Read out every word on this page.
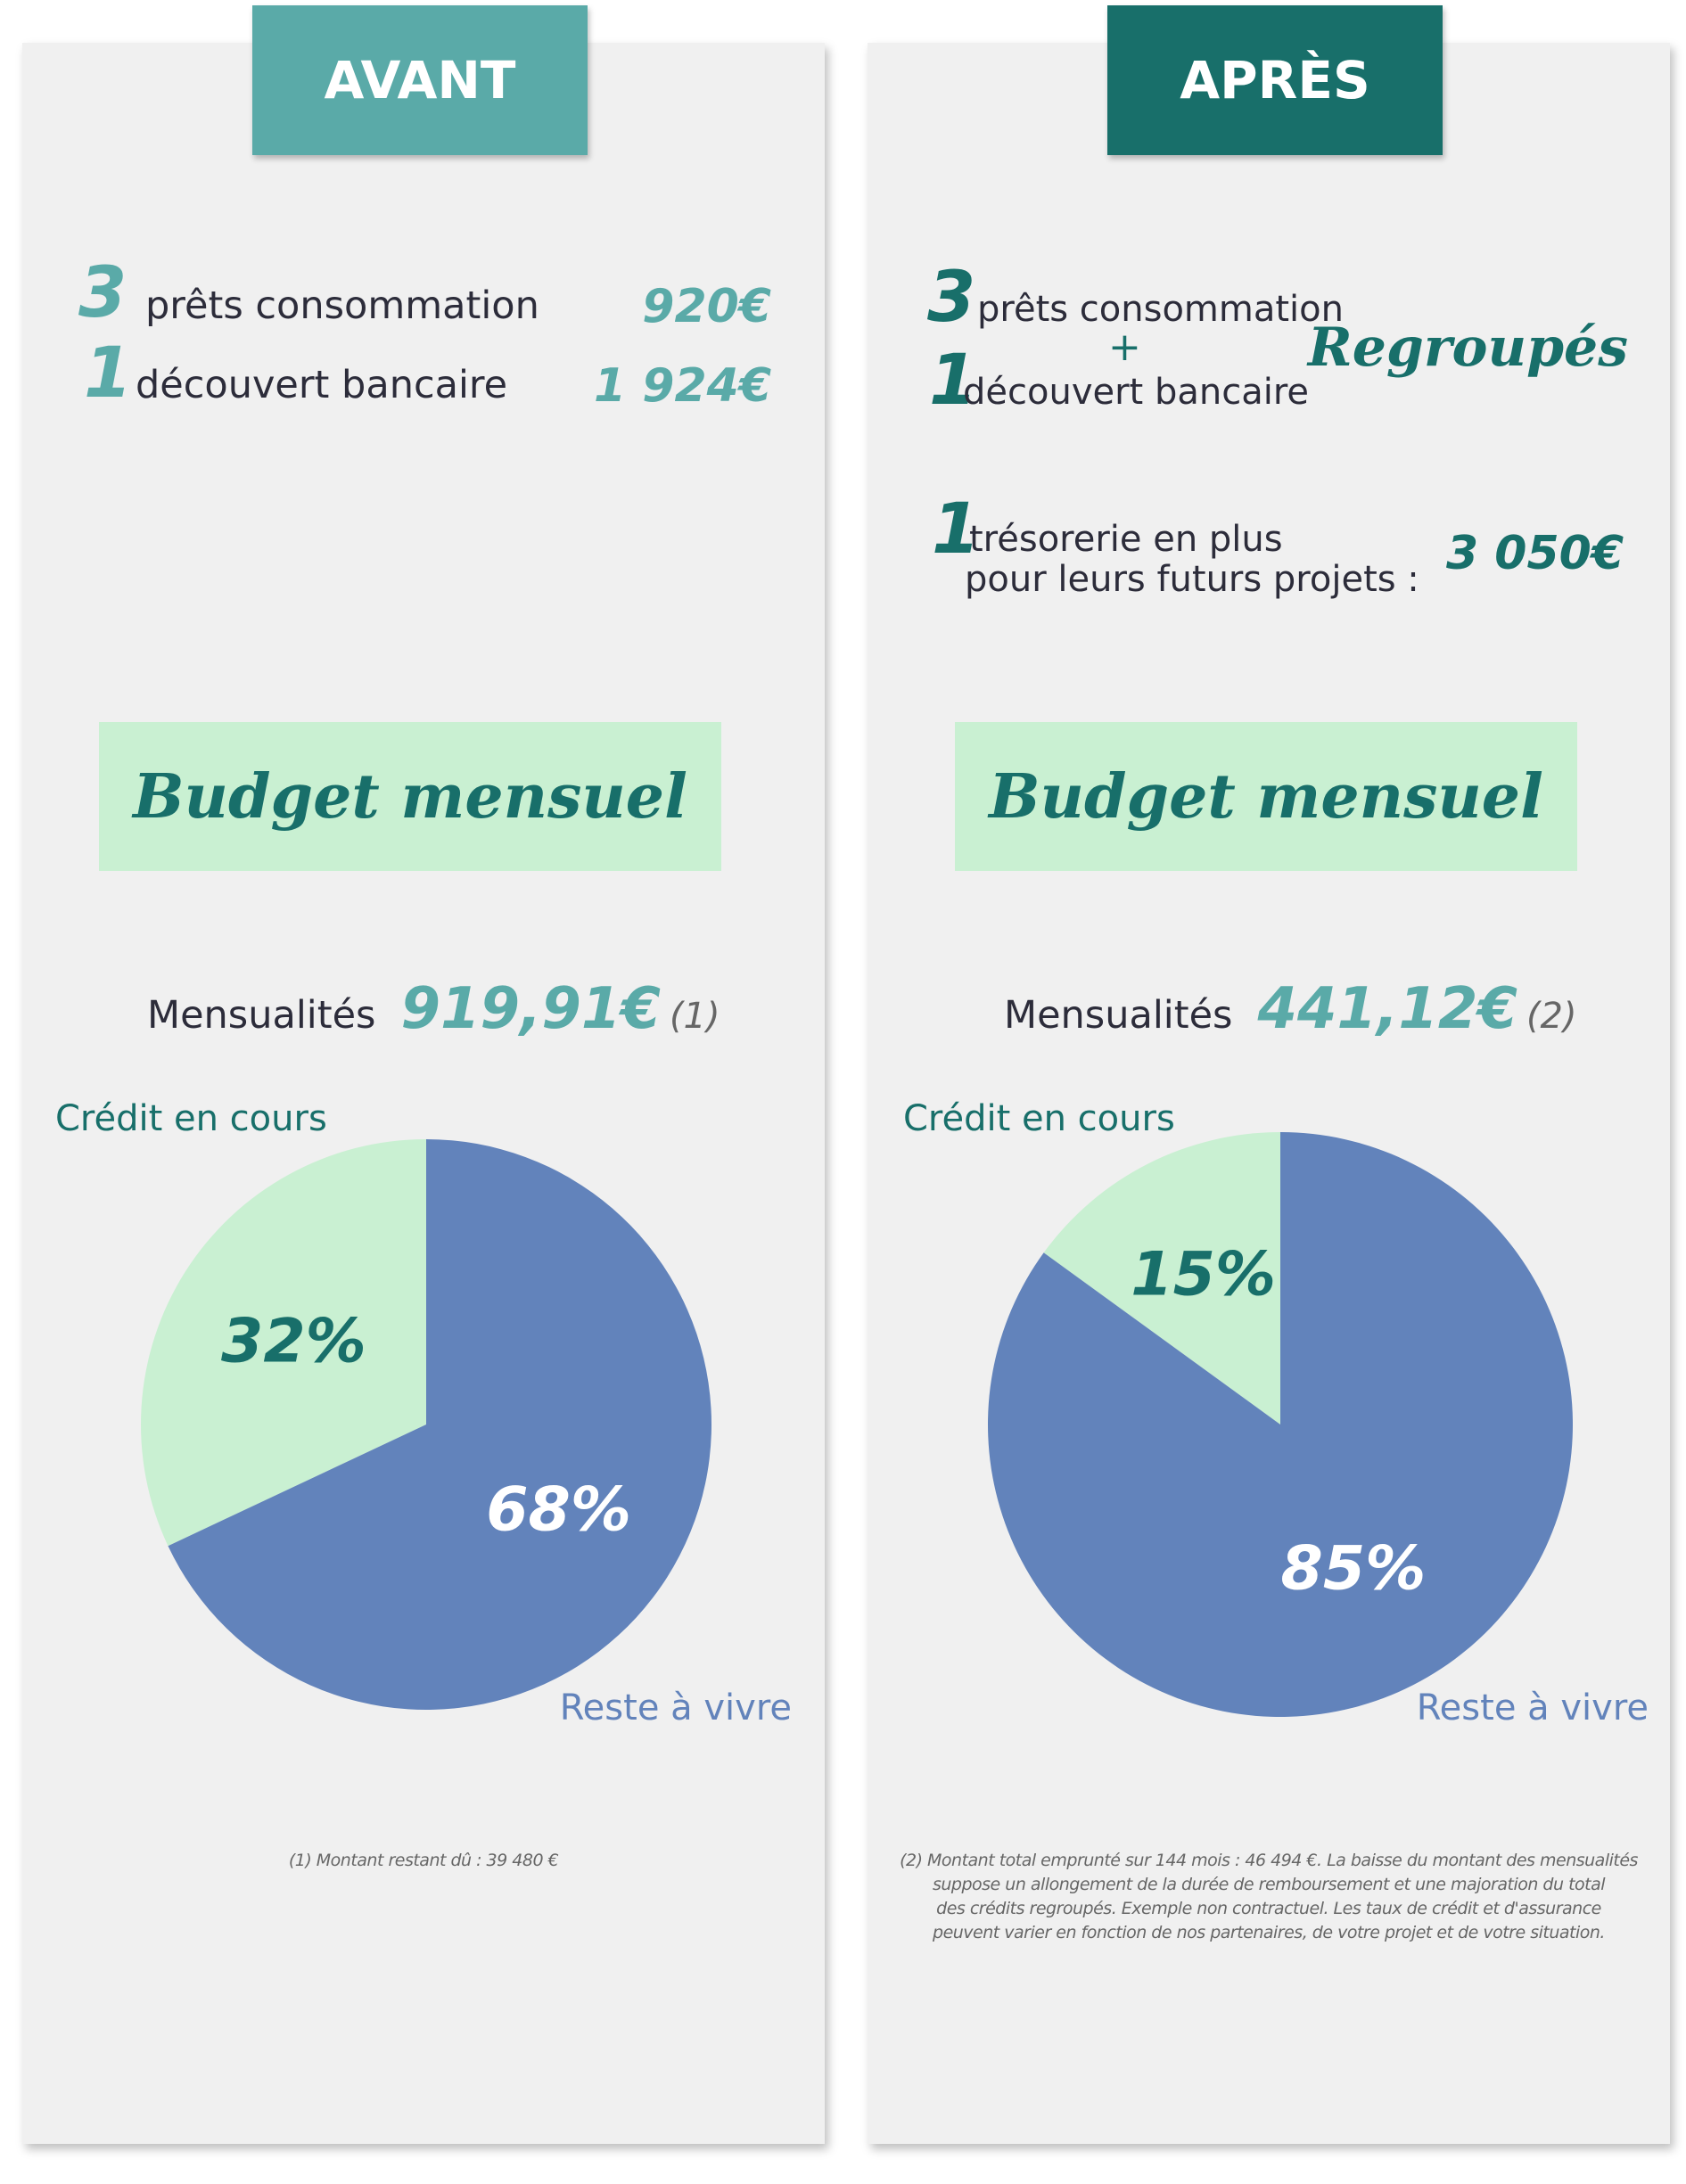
AVANT
3 prêts consommation 920€
1 découvert bancaire 1 924€
Budget mensuel
Mensualités 919,91€ (1)
Crédit en cours
32%
68%
Reste à vivre
(1) Montant restant dû : 39 480 €
APRÈS
3 prêts consommation
+
1
découvert bancaire
Regroupés
1
trésorerie en plus
pour leurs futurs projets : 3 050€
Budget mensuel
Mensualités 441,12€ (2)
Crédit en cours
15%
85%
Reste à vivre
(2) Montant total emprunté sur 144 mois : 46 494 €. La baisse du montant des mensualités
suppose un allongement de la durée de remboursement et une majoration du total
des crédits regroupés. Exemple non contractuel. Les taux de crédit et d'assurance
peuvent varier en fonction de nos partenaires, de votre projet et de votre situation.
